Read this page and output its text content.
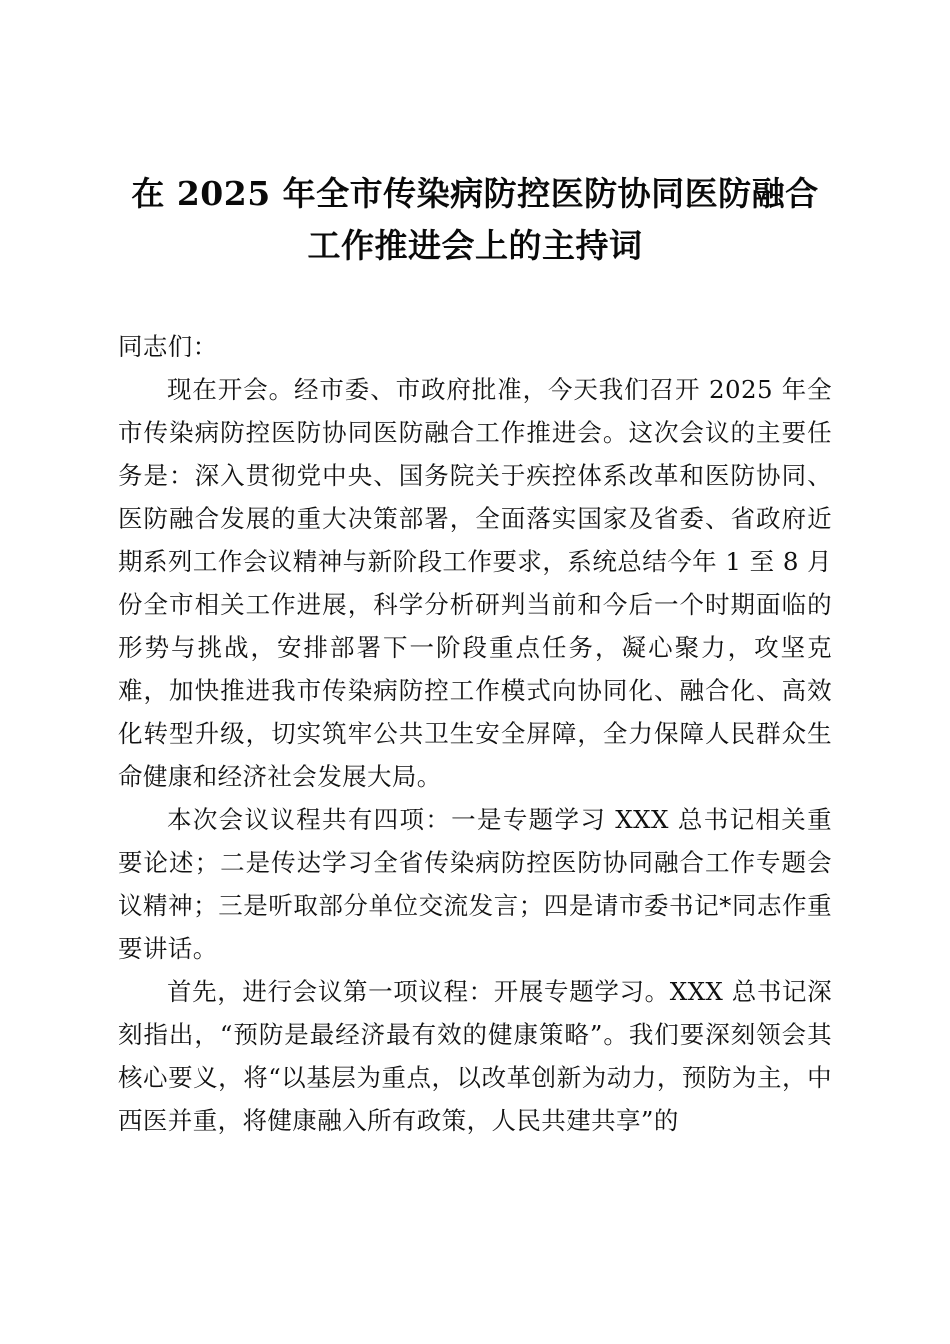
在 2025 年全市传染病防控医防协同医防融合
工作推进会上的主持词

同志们：

现在开会。经市委、市政府批准，今天我们召开 2025 年全市传染病防控医防协同医防融合工作推进会。这次会议的主要任务是：深入贯彻党中央、国务院关于疾控体系改革和医防协同、医防融合发展的重大决策部署，全面落实国家及省委、省政府近期系列工作会议精神与新阶段工作要求，系统总结今年 1 至 8 月份全市相关工作进展，科学分析研判当前和今后一个时期面临的形势与挑战，安排部署下一阶段重点任务，凝心聚力，攻坚克难，加快推进我市传染病防控工作模式向协同化、融合化、高效化转型升级，切实筑牢公共卫生安全屏障，全力保障人民群众生命健康和经济社会发展大局。

本次会议议程共有四项：一是专题学习 XXX 总书记相关重要论述；二是传达学习全省传染病防控医防协同融合工作专题会议精神；三是听取部分单位交流发言；四是请市委书记*同志作重要讲话。

首先，进行会议第一项议程：开展专题学习。XXX 总书记深刻指出，“预防是最经济最有效的健康策略”。我们要深刻领会其核心要义，将“以基层为重点，以改革创新为动力，预防为主，中西医并重，将健康融入所有政策，人民共建共享”的
